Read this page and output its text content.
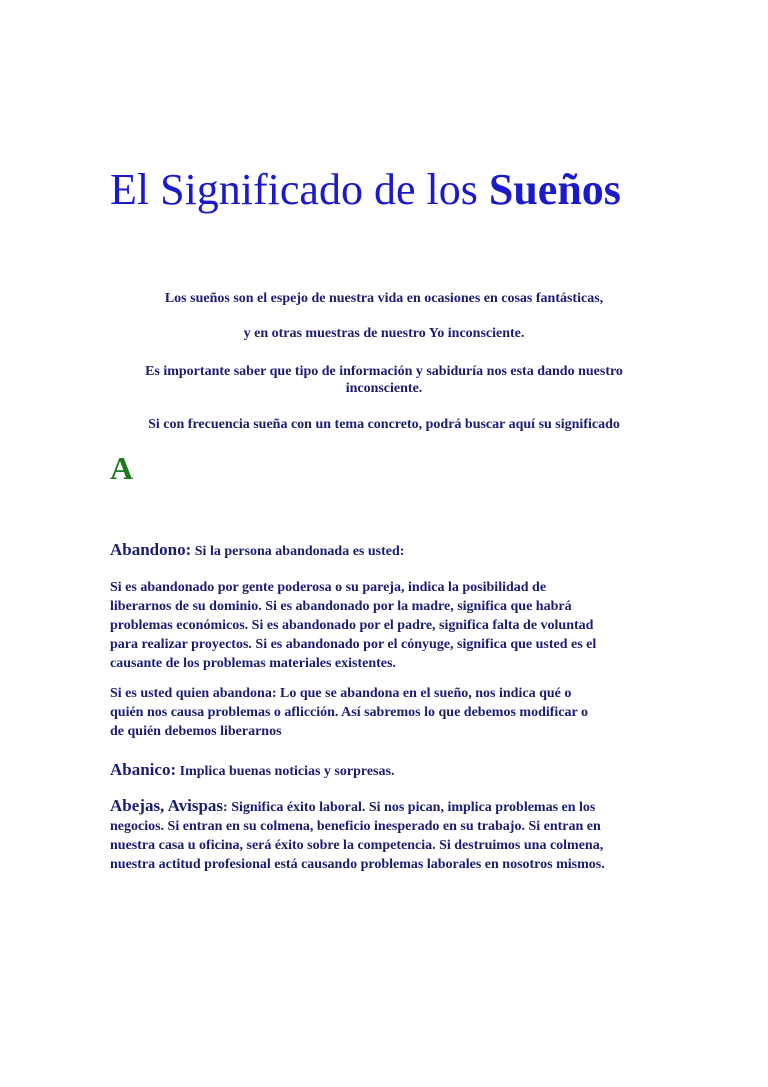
El Significado de los Sueños

Los sueños son el espejo de nuestra vida en ocasiones en cosas fantásticas,

y en otras muestras de nuestro Yo inconsciente.

Es importante saber que tipo de información y sabiduría nos esta dando nuestro

inconsciente.

Si con frecuencia sueña con un tema concreto, podrá buscar aquí su significado

A

Abandono: Si la persona abandonada es usted:

Si es abandonado por gente poderosa o su pareja, indica la posibilidad de
liberarnos de su dominio. Si es abandonado por la madre, significa que habrá
problemas económicos. Si es abandonado por el padre, significa falta de voluntad
para realizar proyectos. Si es abandonado por el cónyuge, significa que usted es el
causante de los problemas materiales existentes.

Si es usted quien abandona: Lo que se abandona en el sueño, nos indica qué o
quién nos causa problemas o aflicción. Así sabremos lo que debemos modificar o
de quién debemos liberarnos

Abanico: Implica buenas noticias y sorpresas.

Abejas, Avispas: Significa éxito laboral. Si nos pican, implica problemas en los
negocios. Si entran en su colmena, beneficio inesperado en su trabajo. Si entran en
nuestra casa u oficina, será éxito sobre la competencia. Si destruimos una colmena,
nuestra actitud profesional está causando problemas laborales en nosotros mismos.
